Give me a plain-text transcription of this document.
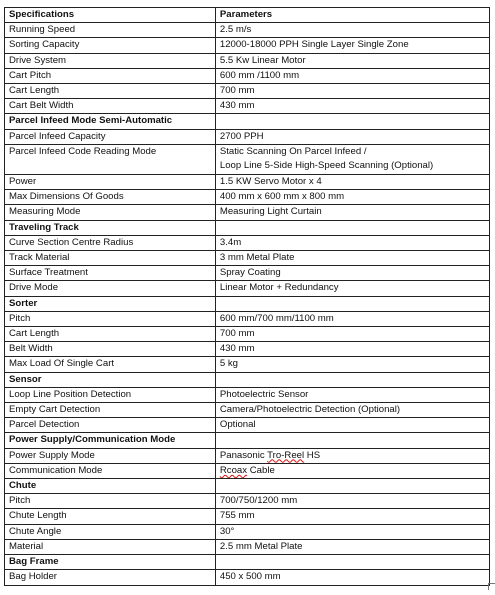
Specifications	Parameters
Running Speed	2.5 m/s
Sorting Capacity	12000-18000 PPH Single Layer Single Zone
Drive System	5.5 Kw Linear Motor
Cart Pitch	600 mm /1100 mm
Cart Length	700 mm
Cart Belt Width	430 mm
Parcel Infeed Mode Semi-Automatic	
Parcel Infeed Capacity	2700 PPH
Parcel Infeed Code Reading Mode	Static Scanning On Parcel Infeed /
Loop Line 5-Side High-Speed Scanning (Optional)
Power	1.5 KW Servo Motor x 4
Max Dimensions Of Goods	400 mm x 600 mm x 800 mm
Measuring Mode	Measuring Light Curtain
Traveling Track	
Curve Section Centre Radius	3.4m
Track Material	3 mm Metal Plate
Surface Treatment	Spray Coating
Drive Mode	Linear Motor + Redundancy
Sorter	
Pitch	600 mm/700 mm/1100 mm
Cart Length	700 mm
Belt Width	430 mm
Max Load Of Single Cart	5 kg
Sensor	
Loop Line Position Detection	Photoelectric Sensor
Empty Cart Detection	Camera/Photoelectric Detection (Optional)
Parcel Detection	Optional
Power Supply/Communication Mode	
Power Supply Mode	Panasonic Tro-Reel HS
Communication Mode	Rcoax Cable
Chute	
Pitch	700/750/1200 mm
Chute Length	755 mm
Chute Angle	30°
Material	2.5 mm Metal Plate
Bag Frame	
Bag Holder	450 x 500 mm
